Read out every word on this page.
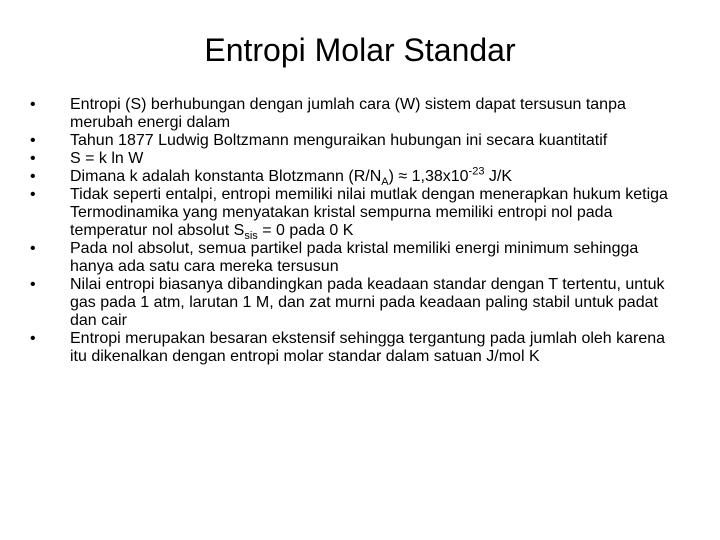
Entropi Molar Standar
•	Entropi (S) berhubungan dengan jumlah cara (W) sistem dapat tersusun tanpa merubah energi dalam
•	Tahun 1877 Ludwig Boltzmann menguraikan hubungan ini secara kuantitatif
•	S = k ln W
•	Dimana k adalah konstanta Blotzmann $(R/N_A) \approx 1,38x10^{-23}$ J/K
•	Tidak seperti entalpi, entropi memiliki nilai mutlak dengan menerapkan hukum ketiga Termodinamika yang menyatakan kristal sempurna memiliki entropi nol pada temperatur nol absolut $S_{sis} = 0$ pada 0 K
•	Pada nol absolut, semua partikel pada kristal memiliki energi minimum sehingga hanya ada satu cara mereka tersusun
•	Nilai entropi biasanya dibandingkan pada keadaan standar dengan T tertentu, untuk gas pada 1 atm, larutan 1 M, dan zat murni pada keadaan paling stabil untuk padat dan cair
•	Entropi merupakan besaran ekstensif sehingga tergantung pada jumlah oleh karena itu dikenalkan dengan entropi molar standar dalam satuan J/mol K
